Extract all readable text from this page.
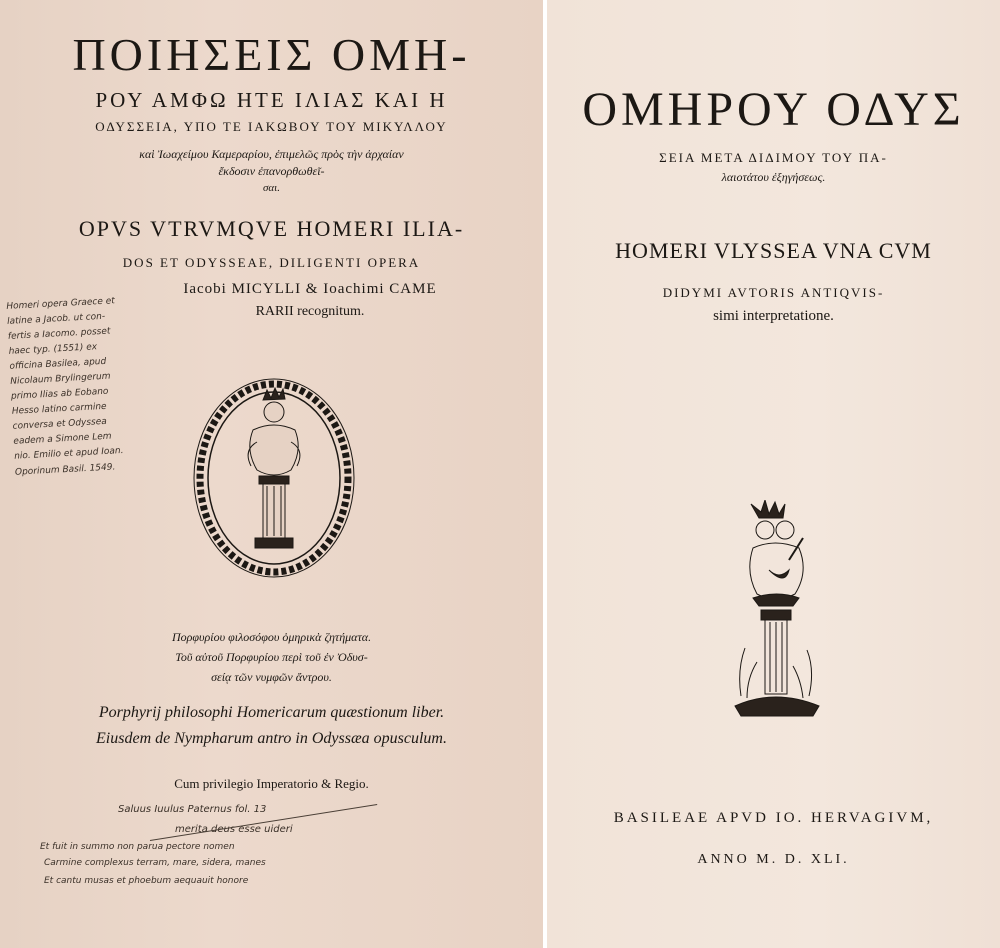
ΠΟΙΗΣΕΙΣ ΟΜΗ-
ΡΟΥ ΑΜΦΩ ΗΤΕ ΙΛΙΑΣ ΚΑΙ Η
ΟΔΥΣΣΕΙΑ, ΥΠΟ ΤΕ ΙΑΚΩΒΟΥ ΤΟΥ ΜΙΚΥΛΛΟΥ
καὶ Ἰωαχείμου Καμεραρίου, ἐπιμελῶς πρὸς τὴν ἀρχαίαν
ἔκδοσιν ἐπανορθωθεῖ-
σαι.
OPVS VTRVMQVE HOMERI ILIA-
DOS ET ODYSSEAE, DILIGENTI OPERA
Iacobi MICYLLI & Ioachimi CAME
RARII recognitum.
Homeri opera Graece et
latine a Jacob. ut con-
fertis a Iacomo. posset
haec typ. (1551) ex
officina Basilea, apud
Nicolaum Brylingerum
primo Ilias ab Eobano
Hesso latino carmine
conversa et Odyssea
eadem a Simone Lem
nio. Emilio et apud Ioan.
Oporinum Basil. 1549.
Πορφυρίου φιλοσόφου ὁμηρικὰ ζητήματα.
Τοῦ αὐτοῦ Πορφυρίου περὶ τοῦ ἐν Ὀδυσ-
σείᾳ τῶν νυμφῶν ἄντρου.
Porphyrij philosophi Homericarum quæstionum liber.
Eiusdem de Nympharum antro in Odyssæa opusculum.
Cum privilegio Imperatorio & Regio.
Saluus Iuulus Paternus fol. 13
merita deus esse uideri
Et fuit in summo non parua pectore nomen
Carmine complexus terram, mare, sidera, manes
Et cantu musas et phoebum aequauit honore
ΟΜΗΡΟΥ ΟΔΥΣ
ΣΕΙΑ ΜΕΤΑ ΔΙΔΙΜΟΥ ΤΟΥ ΠΑ-
λαιοτάτου ἐξηγήσεως.
HOMERI VLYSSEA VNA CVM
DIDYMI AVTORIS ANTIQVIS-
simi interpretatione.
BASILEAE APVD IO. HERVAGIVM,
ANNO M. D. XLI.
